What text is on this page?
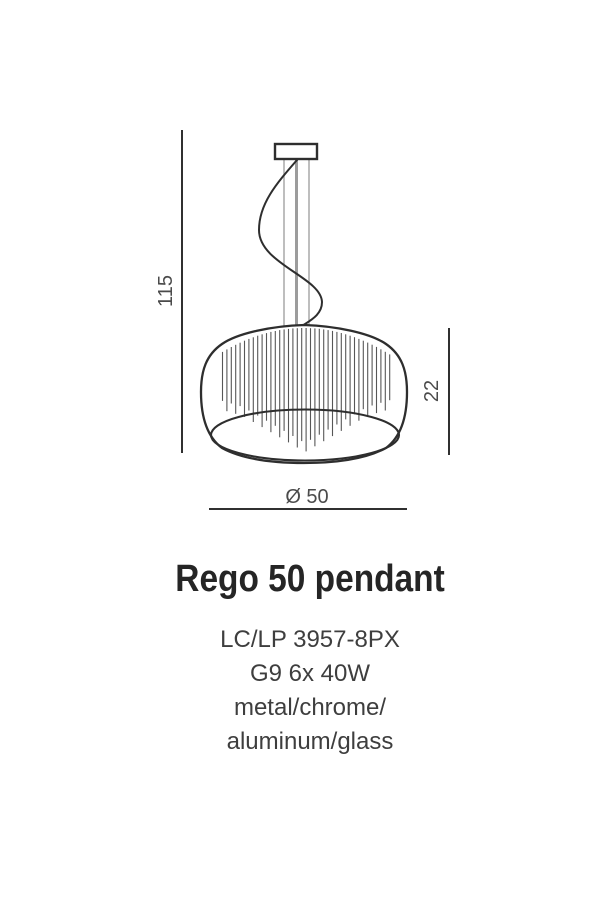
115
22
Ø 50
Rego 50 pendant
LC/LP 3957-8PX
G9 6x 40W
metal/chrome/
aluminum/glass
